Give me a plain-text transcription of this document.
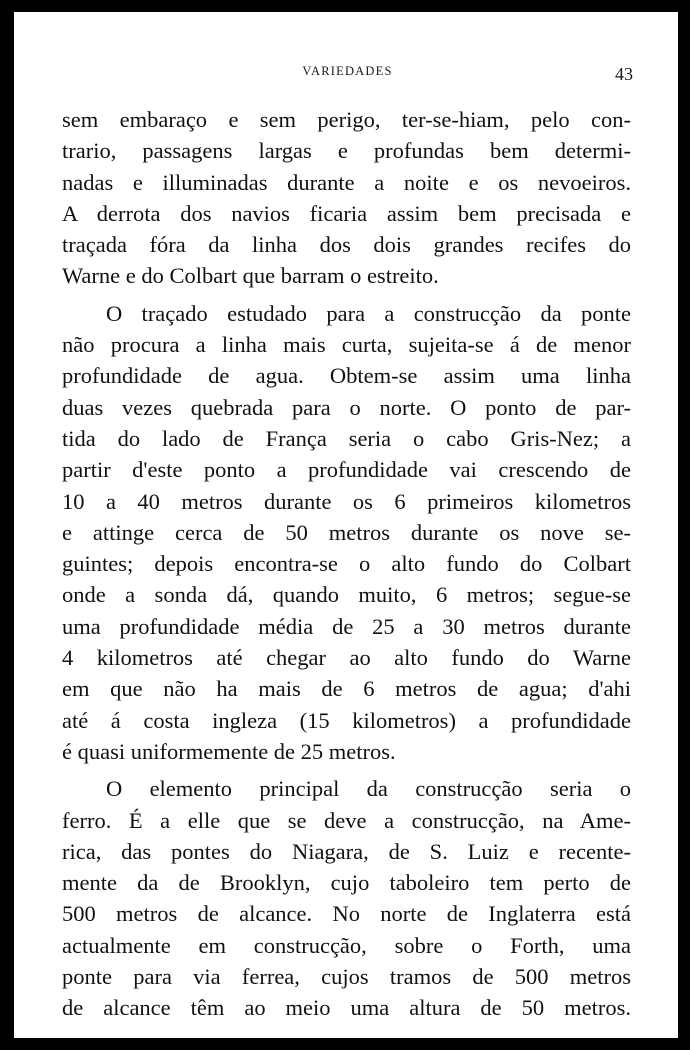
VARIEDADES	43
sem embaraço e sem perigo, ter-se-hiam, pelo con-
trario, passagens largas e profundas bem determi-
nadas e illuminadas durante a noite e os nevoeiros.
A derrota dos navios ficaria assim bem precisada e
traçada fóra da linha dos dois grandes recifes do
Warne e do Colbart que barram o estreito.
O traçado estudado para a construcção da ponte
não procura a linha mais curta, sujeita-se á de menor
profundidade de agua. Obtem-se assim uma linha
duas vezes quebrada para o norte. O ponto de par-
tida do lado de França seria o cabo Gris-Nez; a
partir d'este ponto a profundidade vai crescendo de
10 a 40 metros durante os 6 primeiros kilometros
e attinge cerca de 50 metros durante os nove se-
guintes; depois encontra-se o alto fundo do Colbart
onde a sonda dá, quando muito, 6 metros; segue-se
uma profundidade média de 25 a 30 metros durante
4 kilometros até chegar ao alto fundo do Warne
em que não ha mais de 6 metros de agua; d'ahi
até á costa ingleza (15 kilometros) a profundidade
é quasi uniformemente de 25 metros.
O elemento principal da construcção seria o
ferro. É a elle que se deve a construcção, na Ame-
rica, das pontes do Niagara, de S. Luiz e recente-
mente da de Brooklyn, cujo taboleiro tem perto de
500 metros de alcance. No norte de Inglaterra está
actualmente em construcção, sobre o Forth, uma
ponte para via ferrea, cujos tramos de 500 metros
de alcance têm ao meio uma altura de 50 metros.
